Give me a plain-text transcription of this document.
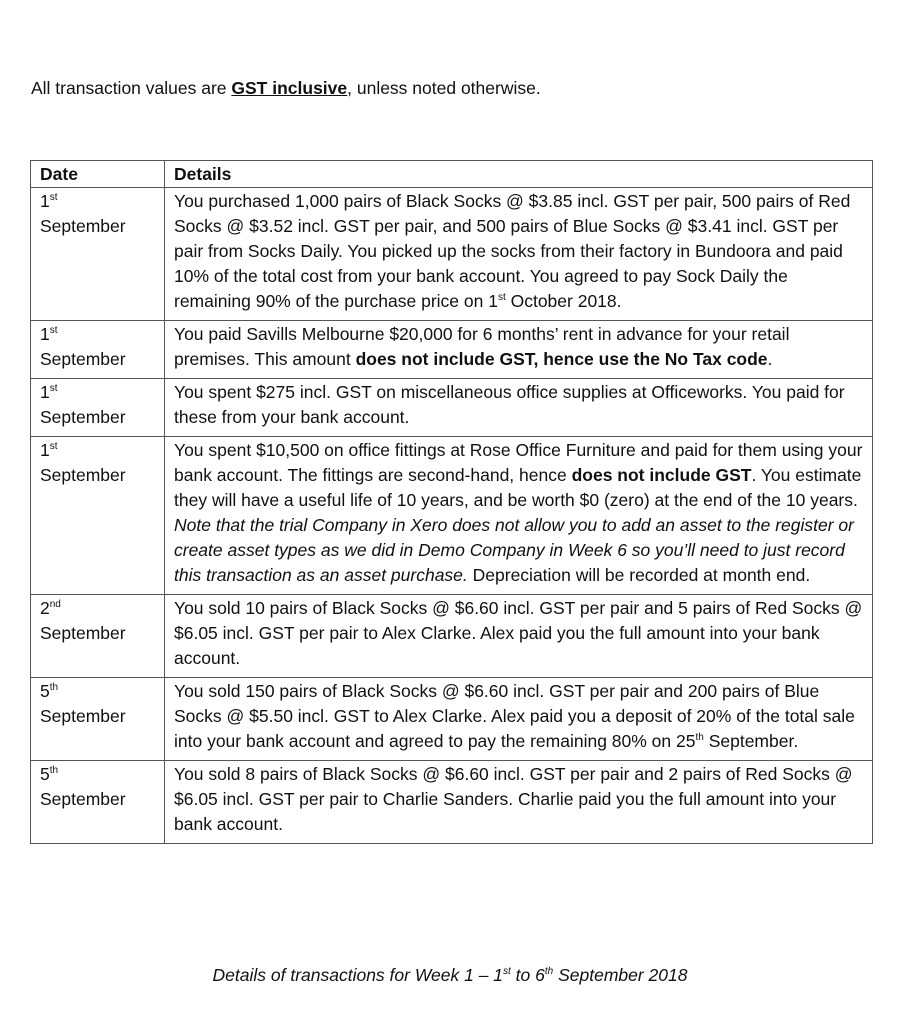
All transaction values are GST inclusive, unless noted otherwise.
Date	Details
1st
September	You purchased 1,000 pairs of Black Socks @ $3.85 incl. GST per pair, 500 pairs of Red Socks @ $3.52 incl. GST per pair, and 500 pairs of Blue Socks @ $3.41 incl. GST per pair from Socks Daily. You picked up the socks from their factory in Bundoora and paid 10% of the total cost from your bank account. You agreed to pay Sock Daily the remaining 90% of the purchase price on 1st October 2018.
1st
September	You paid Savills Melbourne $20,000 for 6 months’ rent in advance for your retail premises. This amount does not include GST, hence use the No Tax code.
1st
September	You spent $275 incl. GST on miscellaneous office supplies at Officeworks. You paid for these from your bank account.
1st
September	You spent $10,500 on office fittings at Rose Office Furniture and paid for them using your bank account. The fittings are second-hand, hence does not include GST. You estimate they will have a useful life of 10 years, and be worth $0 (zero) at the end of the 10 years. Note that the trial Company in Xero does not allow you to add an asset to the register or create asset types as we did in Demo Company in Week 6 so you’ll need to just record this transaction as an asset purchase. Depreciation will be recorded at month end.
2nd
September	You sold 10 pairs of Black Socks @ $6.60 incl. GST per pair and 5 pairs of Red Socks @ $6.05 incl. GST per pair to Alex Clarke. Alex paid you the full amount into your bank account.
5th
September	You sold 150 pairs of Black Socks @ $6.60 incl. GST per pair and 200 pairs of Blue Socks @ $5.50 incl. GST to Alex Clarke. Alex paid you a deposit of 20% of the total sale into your bank account and agreed to pay the remaining 80% on 25th September.
5th
September	You sold 8 pairs of Black Socks @ $6.60 incl. GST per pair and 2 pairs of Red Socks @ $6.05 incl. GST per pair to Charlie Sanders. Charlie paid you the full amount into your bank account.
Details of transactions for Week 1 – 1st to 6th September 2018
